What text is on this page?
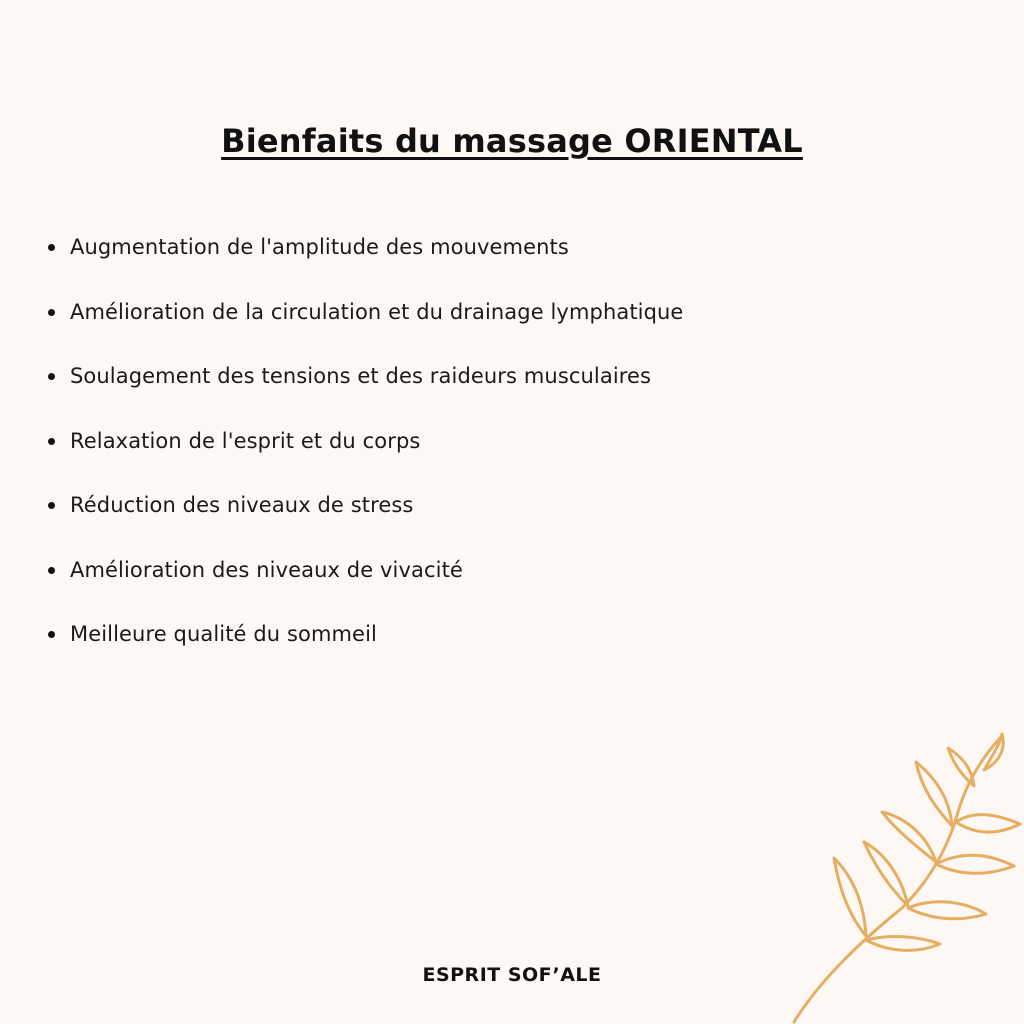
Bienfaits du massage ORIENTAL
Augmentation de l'amplitude des mouvements
Amélioration de la circulation et du drainage lymphatique
Soulagement des tensions et des raideurs musculaires
Relaxation de l'esprit et du corps
Réduction des niveaux de stress
Amélioration des niveaux de vivacité
Meilleure qualité du sommeil
ESPRIT SOF’ALE
